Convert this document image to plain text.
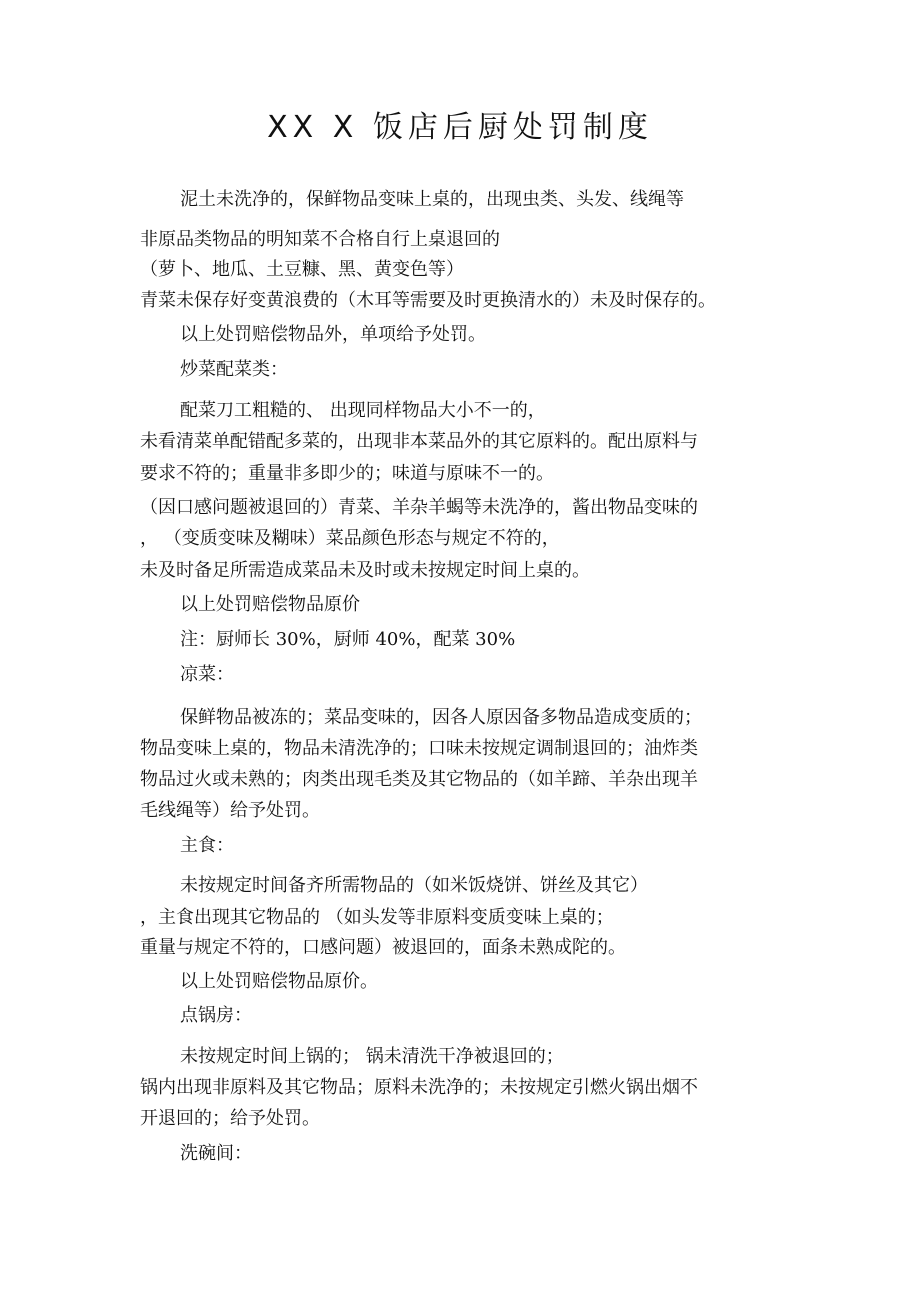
XX X 饭店后厨处罚制度
泥土未洗净的，保鲜物品变味上桌的，出现虫类、头发、线绳等
非原品类物品的明知菜不合格自行上桌退回的
（萝卜、地瓜、土豆糠、黑、黄变色等）
青菜未保存好变黄浪费的（木耳等需要及时更换清水的）未及时保存的。
以上处罚赔偿物品外，单项给予处罚。
炒菜配菜类：
配菜刀工粗糙的、 出现同样物品大小不一的，
未看清菜单配错配多菜的，出现非本菜品外的其它原料的。配出原料与
要求不符的；重量非多即少的；味道与原味不一的。
（因口感问题被退回的）青菜、羊杂羊蝎等未洗净的，酱出物品变味的
， （变质变味及糊味）菜品颜色形态与规定不符的，
未及时备足所需造成菜品未及时或未按规定时间上桌的。
以上处罚赔偿物品原价
注：厨师长 30%，厨师 40%，配菜 30%
凉菜：
保鲜物品被冻的；菜品变味的，因各人原因备多物品造成变质的；
物品变味上桌的，物品未清洗净的；口味未按规定调制退回的；油炸类
物品过火或未熟的；肉类出现毛类及其它物品的（如羊蹄、羊杂出现羊
毛线绳等）给予处罚。
主食：
未按规定时间备齐所需物品的（如米饭烧饼、饼丝及其它）
，主食出现其它物品的 （如头发等非原料变质变味上桌的；
重量与规定不符的，口感问题）被退回的，面条未熟成陀的。
以上处罚赔偿物品原价。
点锅房：
未按规定时间上锅的； 锅未清洗干净被退回的；
锅内出现非原料及其它物品；原料未洗净的；未按规定引燃火锅出烟不
开退回的；给予处罚。
洗碗间：
